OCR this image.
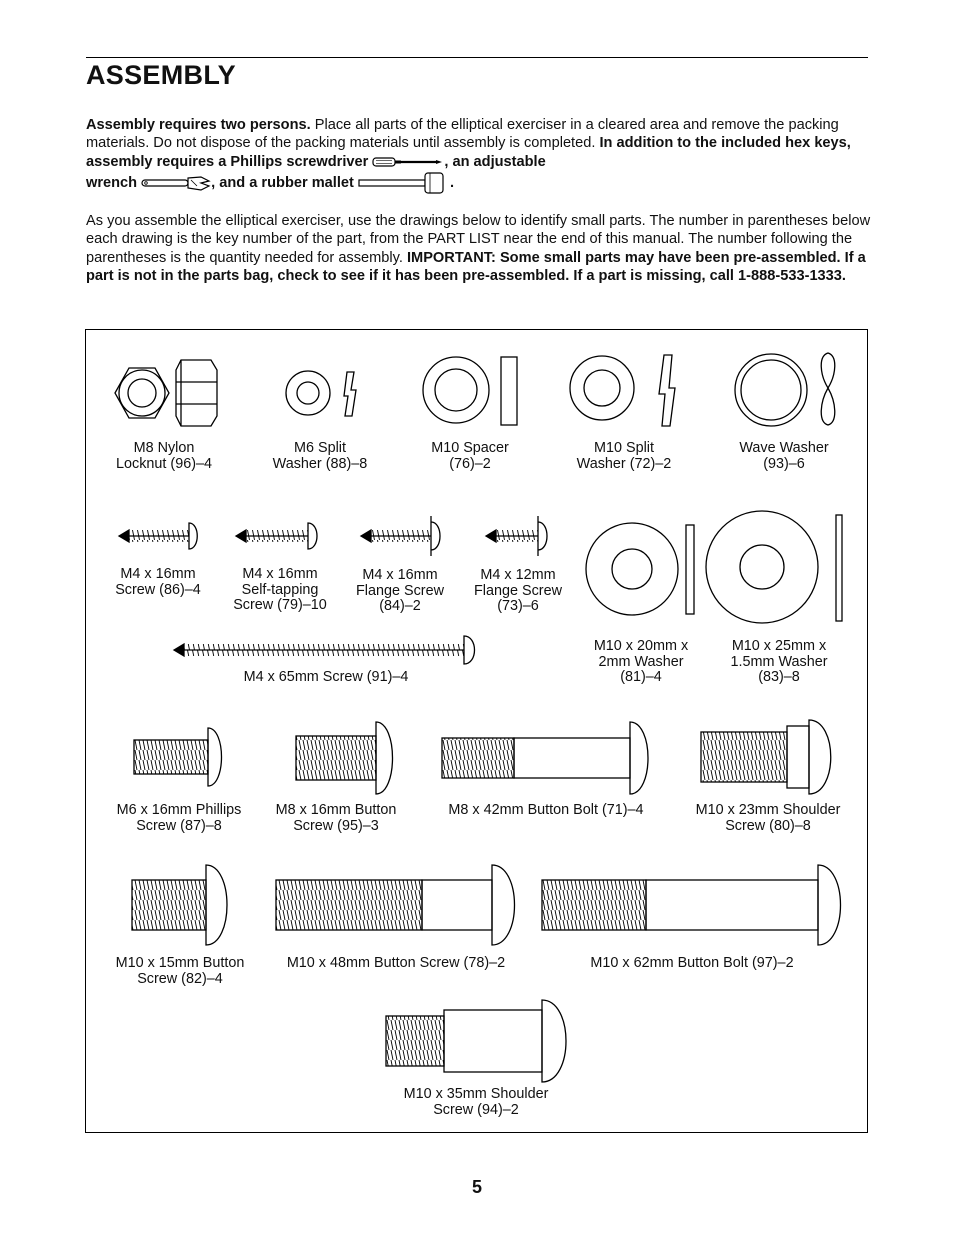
ASSEMBLY

Assembly requires two persons. Place all parts of the elliptical exerciser in a cleared area and remove the packing materials. Do not dispose of the packing materials until assembly is completed. In addition to the included hex keys, assembly requires a Phillips screwdriver	, an adjustable
wrench	, and a rubber mallet	.

As you assemble the elliptical exerciser, use the drawings below to identify small parts. The number in parentheses below each drawing is the key number of the part, from the PART LIST near the end of this manual. The number following the parentheses is the quantity needed for assembly. IMPORTANT: Some small parts may have been pre-assembled. If a part is not in the parts bag, check to see if it has been pre-assembled. If a part is missing, call 1-888-533-1333.

M8 Nylon
Locknut (96)–4
M6 Split
Washer (88)–8
M10 Spacer
(76)–2
M10 Split
Washer (72)–2
Wave Washer
(93)–6
M4 x 16mm
Screw (86)–4
M4 x 16mm
Self-tapping
Screw (79)–10
M4 x 16mm
Flange Screw
(84)–2
M4 x 12mm
Flange Screw
(73)–6
M10 x 20mm x
2mm Washer
(81)–4
M10 x 25mm x
1.5mm Washer
(83)–8
M4 x 65mm Screw (91)–4
M6 x 16mm Phillips
Screw (87)–8
M8 x 16mm Button
Screw (95)–3
M8 x 42mm Button Bolt (71)–4	M10 x 23mm Shoulder
Screw (80)–8
M10 x 15mm Button
Screw (82)–4
M10 x 48mm Button Screw (78)–2	M10 x 62mm Button Bolt (97)–2
M10 x 35mm Shoulder
Screw (94)–2
5
